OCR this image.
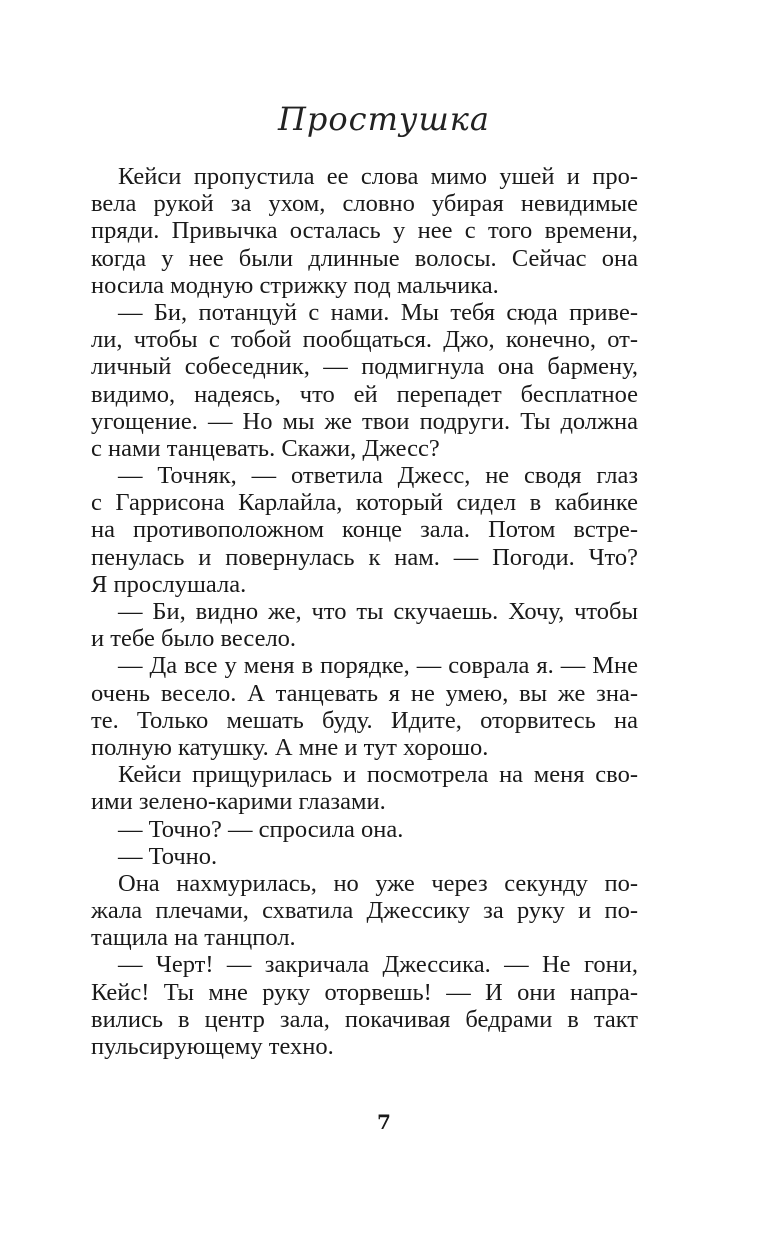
Простушка
Кейси пропустила ее слова мимо ушей и про-
вела рукой за ухом, словно убирая невидимые
пряди. Привычка осталась у нее с того времени,
когда у нее были длинные волосы. Сейчас она
носила модную стрижку под мальчика.
— Би, потанцуй с нами. Мы тебя сюда приве-
ли, чтобы с тобой пообщаться. Джо, конечно, от-
личный собеседник, — подмигнула она бармену,
видимо, надеясь, что ей перепадет бесплатное
угощение. — Но мы же твои подруги. Ты должна
с нами танцевать. Скажи, Джесс?
— Точняк, — ответила Джесс, не сводя глаз
с Гаррисона Карлайла, который сидел в кабинке
на противоположном конце зала. Потом встре-
пенулась и повернулась к нам. — Погоди. Что?
Я прослушала.
— Би, видно же, что ты скучаешь. Хочу, чтобы
и тебе было весело.
— Да все у меня в порядке, — соврала я. — Мне
очень весело. А танцевать я не умею, вы же зна-
те. Только мешать буду. Идите, оторвитесь на
полную катушку. А мне и тут хорошо.
Кейси прищурилась и посмотрела на меня сво-
ими зелено-карими глазами.
— Точно? — спросила она.
— Точно.
Она нахмурилась, но уже через секунду по-
жала плечами, схватила Джессику за руку и по-
тащила на танцпол.
— Черт! — закричала Джессика. — Не гони,
Кейс! Ты мне руку оторвешь! — И они напра-
вились в центр зала, покачивая бедрами в такт
пульсирующему техно.
7
